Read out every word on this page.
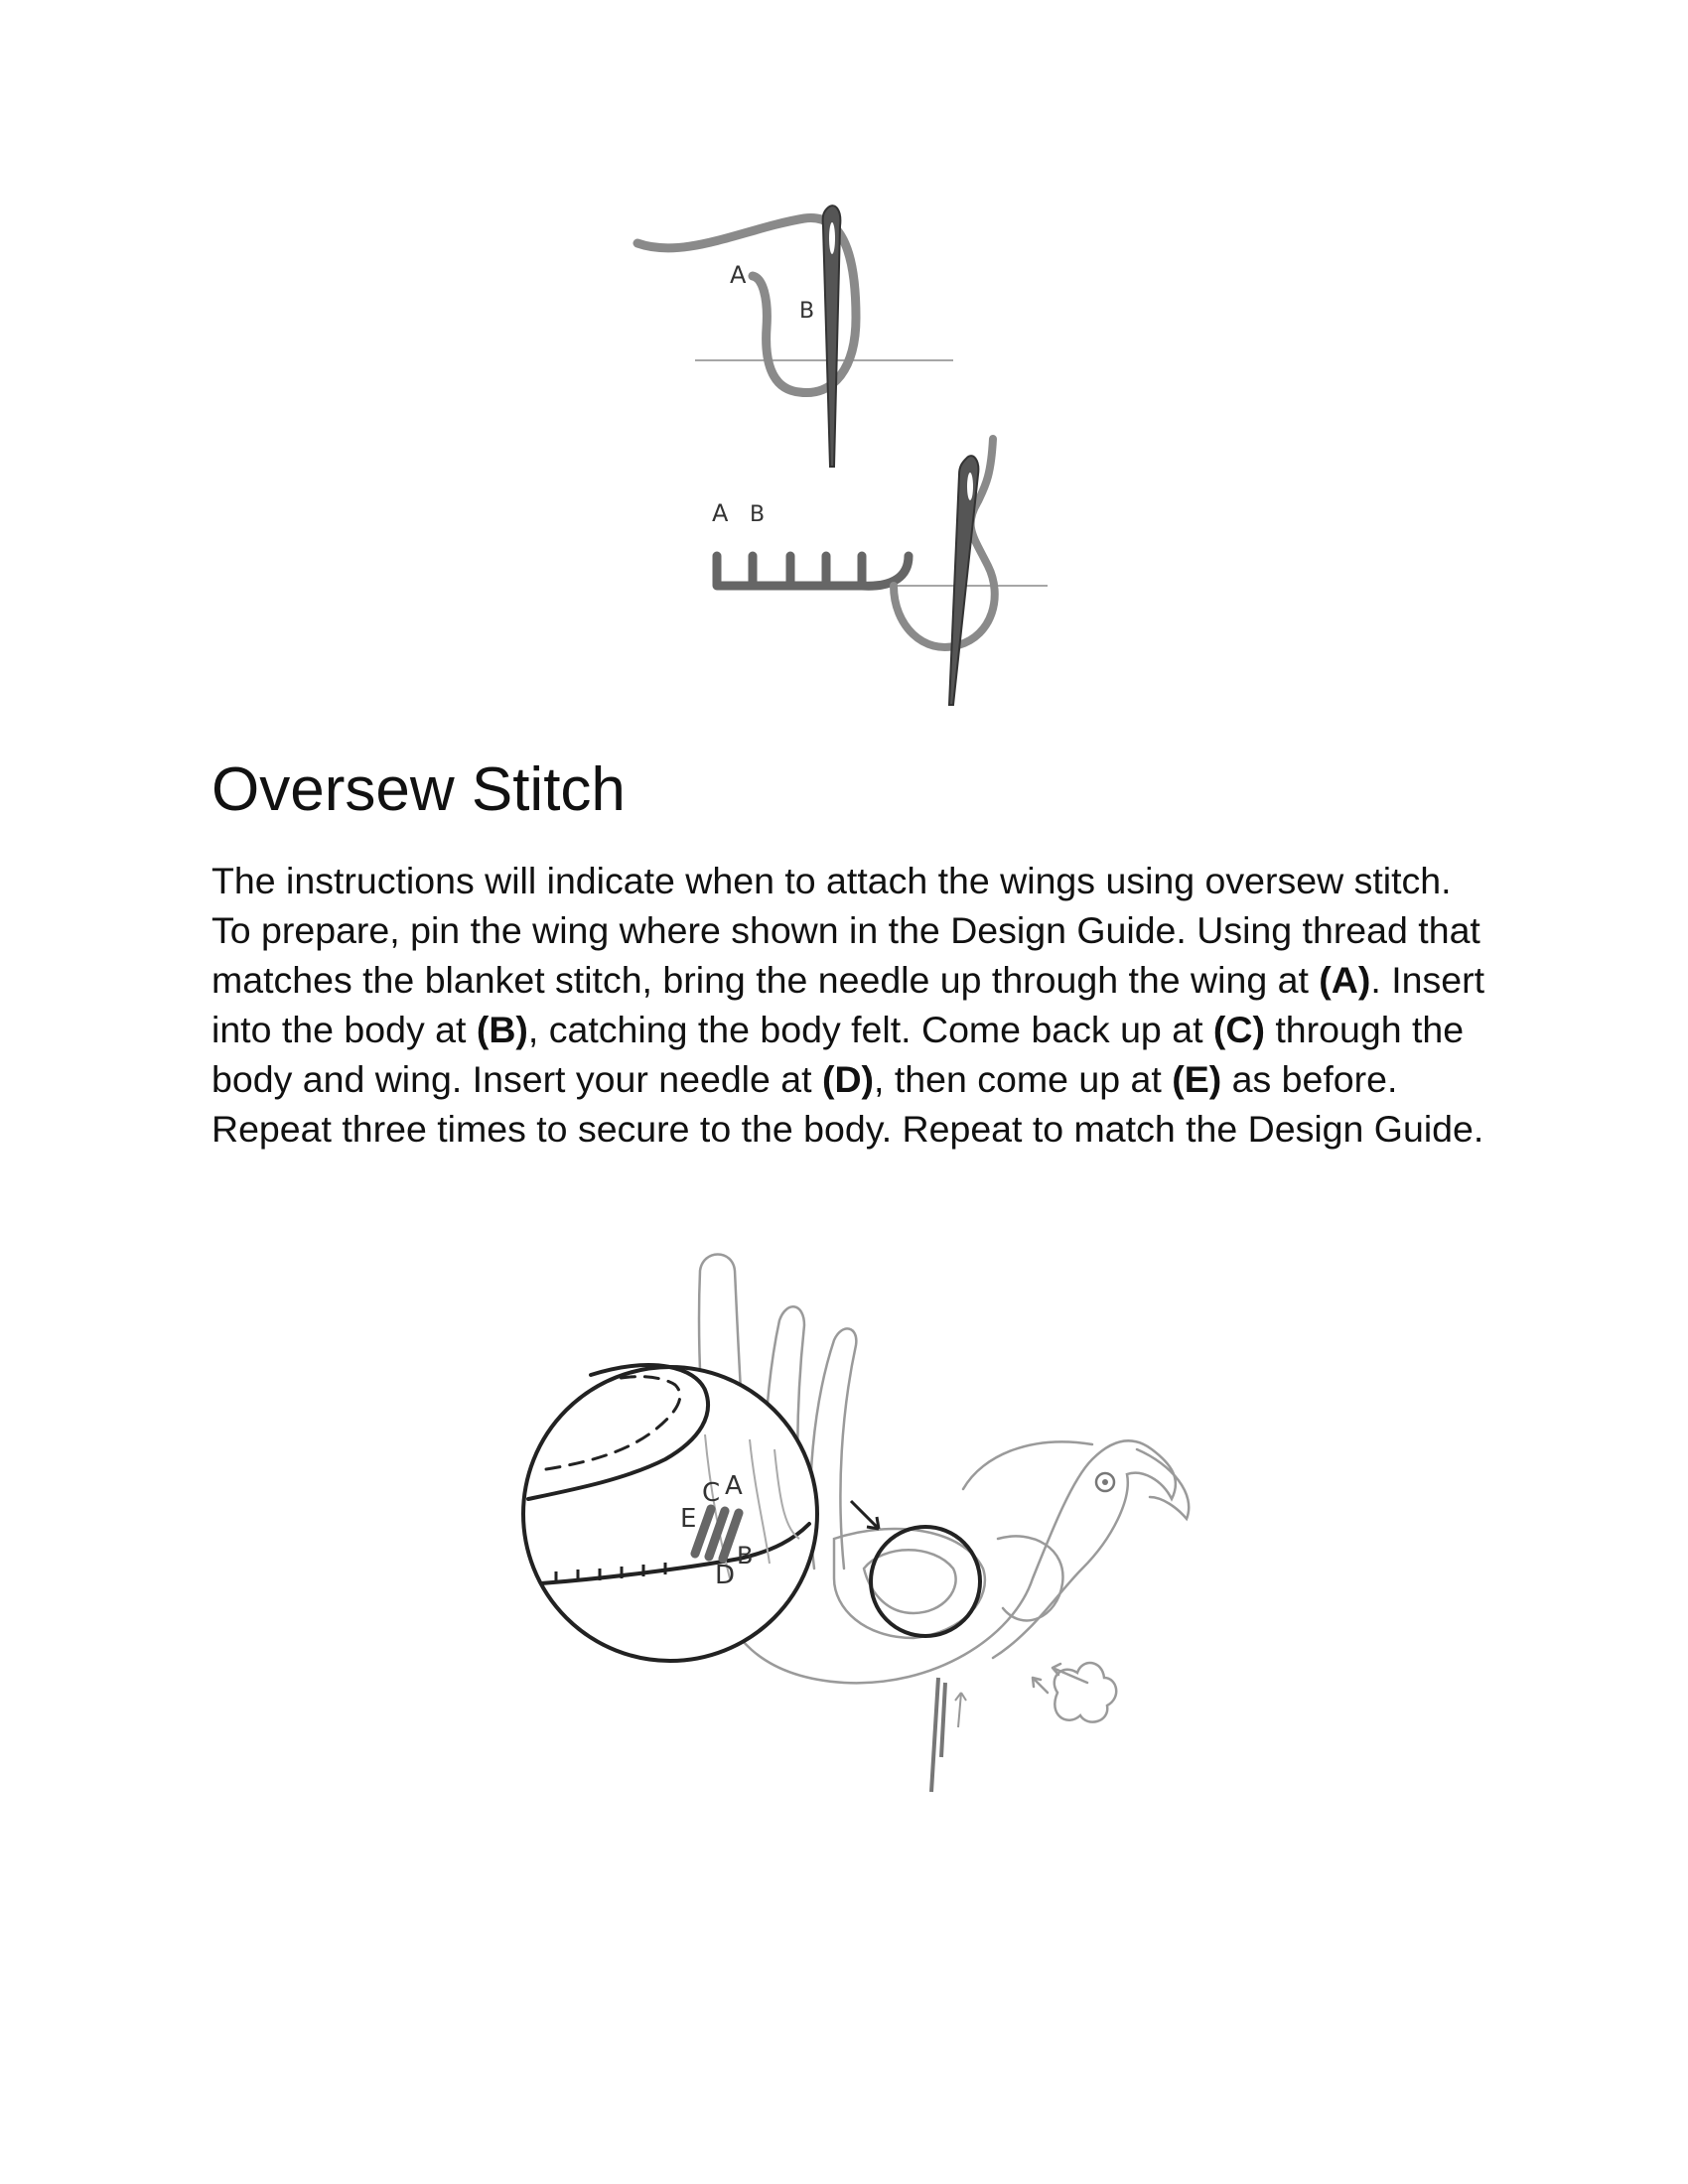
A
B
A B
Oversew Stitch

The instructions will indicate when to attach the wings using oversew stitch. To prepare, pin the wing where shown in the Design Guide. Using thread that matches the blanket stitch, bring the needle up through the wing at (A). Insert into the body at (B), catching the body felt. Come back up at (C) through the body and wing. Insert your needle at (D), then come up at (E) as before. Repeat three times to secure to the body. Repeat to match the Design Guide.

E
C A
D
B
